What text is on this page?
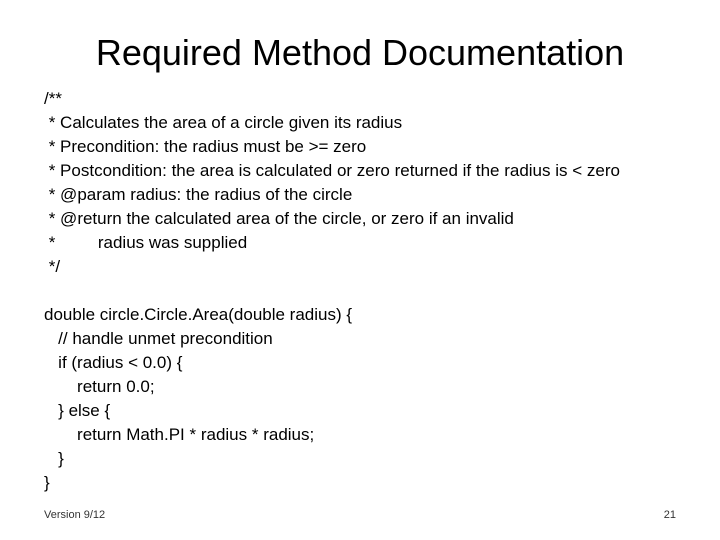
Required Method Documentation
/**
* Calculates the area of a circle given its radius
* Precondition: the radius must be >= zero
* Postcondition: the area is calculated or zero returned if the radius is < zero
* @param radius: the radius of the circle
* @return the calculated area of the circle, or zero if an invalid
*         radius was supplied
*/
double circle.Circle.Area(double radius) {
// handle unmet precondition
if (radius < 0.0) {
return 0.0;
} else {
return Math.PI * radius * radius;
}
}
Version 9/12	21
